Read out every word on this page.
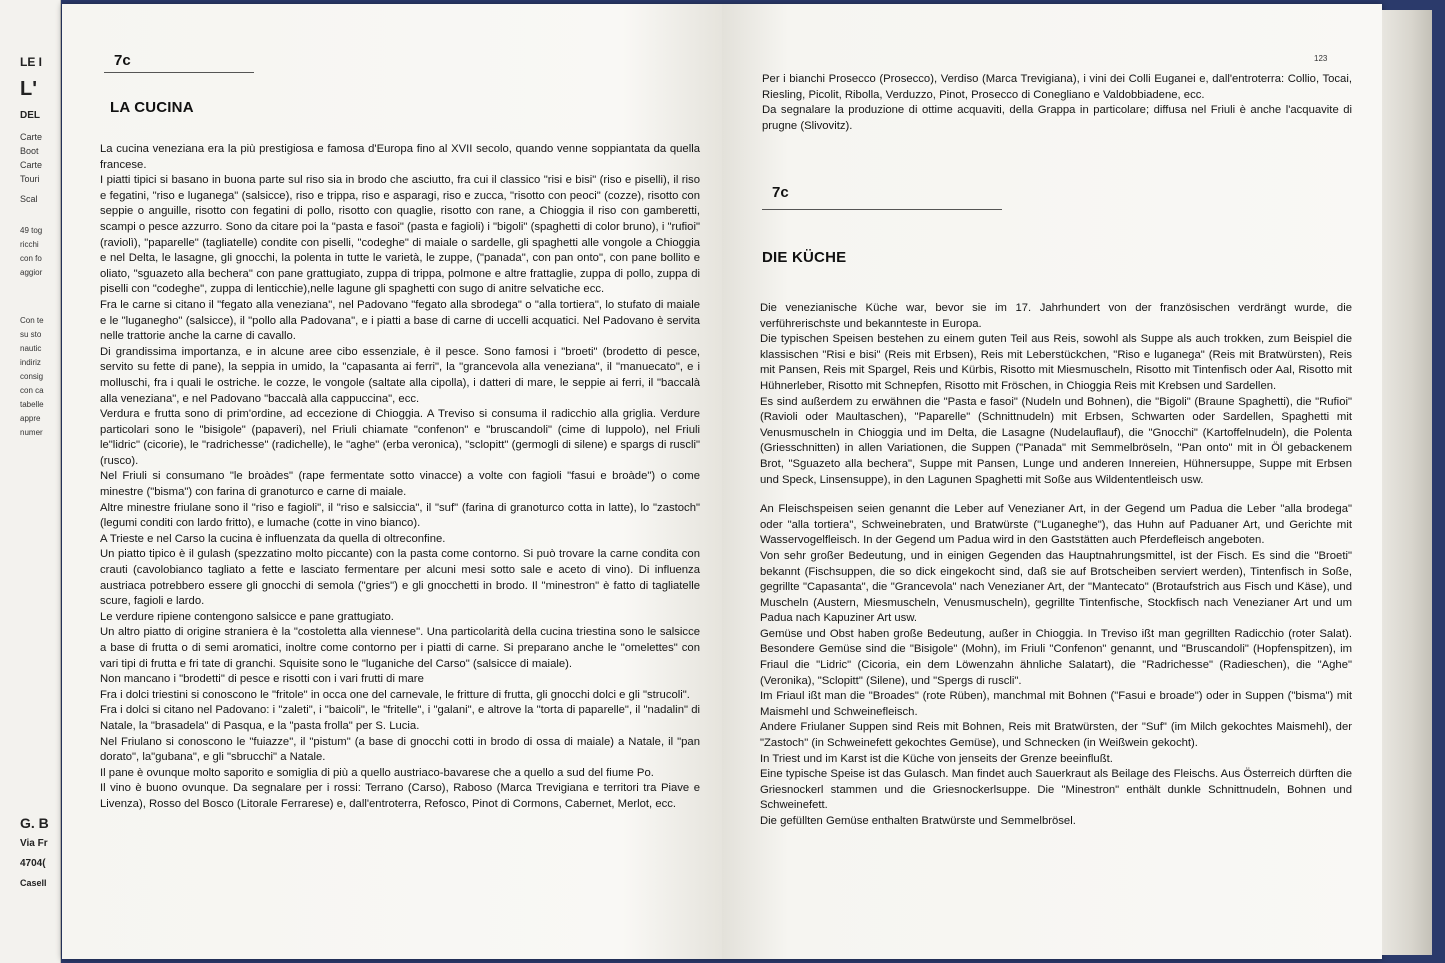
LE I
L'
DEL
Carte
Boot
Carte
Touri
Scal
49 tog
ricchi
con fo
aggior
Con te
su sto
nautic
indiriz
consig
con ca
tabelle
appre
numer
G. B
Via Fr
4704(
Casell
7c
LA CUCINA

La cucina veneziana era la più prestigiosa e famosa d'Europa fino al XVII secolo, quando venne soppiantata da quella francese.

I piatti tipici si basano in buona parte sul riso sia in brodo che asciutto, fra cui il classico "risi e bisi" (riso e piselli), il riso e fegatini, "riso e luganega" (salsicce), riso e trippa, riso e asparagi, riso e zucca, "risotto con peoci" (cozze), risotto con seppie o anguille, risotto con fegatini di pollo, risotto con quaglie, risotto con rane, a Chioggia il riso con gamberetti, scampi o pesce azzurro. Sono da citare poi la "pasta e fasoi" (pasta e fagioli) i "bigoli" (spaghetti di color bruno), i "rufioi" (raviolì), "paparelle" (tagliatelle) condite con piselli, "codeghe" di maiale o sardelle, gli spaghetti alle vongole a Chioggia e nel Delta, le lasagne, gli gnocchi, la polenta in tutte le varietà, le zuppe, ("panada", con pan onto", con pane bollito e oliato, "sguazeto alla bechera" con pane grattugiato, zuppa di trippa, polmone e altre frattaglie, zuppa di pollo, zuppa di piselli con "codeghe", zuppa di lenticchie),nelle lagune gli spaghetti con sugo di anitre selvatiche ecc.

Fra le carne si citano il "fegato alla veneziana", nel Padovano "fegato alla sbrodega" o "alla tortiera", lo stufato di maiale e le "luganegho" (salsicce), il "pollo alla Padovana", e i piatti a base di carne di uccelli acquatici. Nel Padovano è servita nelle trattorie anche la carne di cavallo.

Di grandissima importanza, e in alcune aree cibo essenziale, è il pesce. Sono famosi i "broeti" (brodetto di pesce, servito su fette di pane), la seppia in umido, la "capasanta ai ferri", la "grancevola alla veneziana", il "manuecato", e i molluschi, fra i quali le ostriche. le cozze, le vongole (saltate alla cipolla), i datteri di mare, le seppie ai ferri, il "baccalà alla veneziana", e nel Padovano "baccalà alla cappuccina", ecc.

Verdura e frutta sono di prim'ordine, ad eccezione di Chioggia. A Treviso si consuma il radicchio alla griglia. Verdure particolari sono le "bisigole" (papaveri), nel Friuli chiamate "confenon" e "bruscandoli" (cime di luppolo), nel Friuli le"lidric" (cicorie), le "radrichesse" (radichelle), le "aghe" (erba veronica), "sclopitt" (germogli di silene) e spargs di ruscli" (rusco).

Nel Friuli si consumano "le broàdes" (rape fermentate sotto vinacce) a volte con fagioli "fasui e broàde") o come minestre ("bisma") con farina di granoturco e carne di maiale.

Altre minestre friulane sono il "riso e fagioli", il "riso e salsiccia", il "suf" (farina di granoturco cotta in latte), lo "zastoch" (legumi conditi con lardo fritto), e lumache (cotte in vino bianco).

A Trieste e nel Carso la cucina è influenzata da quella di oltreconfine.

Un piatto tipico è il gulash (spezzatino molto piccante) con la pasta come contorno. Si può trovare la carne condita con crauti (cavolobianco tagliato a fette e lasciato fermentare per alcuni mesi sotto sale e aceto di vino). Di influenza austriaca potrebbero essere gli gnocchi di semola ("gries") e gli gnocchetti in brodo. Il "minestron" è fatto di tagliatelle scure, fagioli e lardo.

Le verdure ripiene contengono salsicce e pane grattugiato.

Un altro piatto di origine straniera è la "costoletta alla viennese". Una particolarità della cucina triestina sono le salsicce a base di frutta o di semi aromatici, inoltre come contorno per i piatti di carne. Si preparano anche le "omelettes" con vari tipi di frutta e fri tate di granchi. Squisite sono le "luganiche del Carso" (salsicce di maiale).

Non mancano i "brodetti" di pesce e risotti con i vari frutti di mare

Fra i dolci triestini si conoscono le "fritole" in occa one del carnevale, le fritture di frutta, gli gnocchi dolci e gli "strucoli".

Fra i dolci si citano nel Padovano: i "zaleti", i "baicoli", le "fritelle", i "galani", e altrove la "torta di paparelle", il "nadalin" di Natale, la "brasadela" di Pasqua, e la "pasta frolla" per S. Lucia.

Nel Friulano si conoscono le "fuiazze", il "pistum" (a base di gnocchi cotti in brodo di ossa di maiale) a Natale, il "pan dorato", la"gubana", e gli "sbrucchi" a Natale.

Il pane è ovunque molto saporito e somiglia di più a quello austriaco-bavarese che a quello a sud del fiume Po.

Il vino è buono ovunque. Da segnalare per i rossi: Terrano (Carso), Raboso (Marca Trevigiana e territori tra Piave e Livenza), Rosso del Bosco (Litorale Ferrarese) e, dall'entroterra, Refosco, Pinot di Cormons, Cabernet, Merlot, ecc.

123

Per i bianchi Prosecco (Prosecco), Verdiso (Marca Trevigiana), i vini dei Colli Euganei e, dall'entroterra: Collio, Tocai, Riesling, Picolit, Ribolla, Verduzzo, Pinot, Prosecco di Conegliano e Valdobbiadene, ecc.

Da segnalare la produzione di ottime acquaviti, della Grappa in particolare; diffusa nel Friuli è anche l'acquavite di prugne (Slivovitz).

7c
DIE KÜCHE

Die venezianische Küche war, bevor sie im 17. Jahrhundert von der französischen verdrängt wurde, die verführerischste und bekannteste in Europa.

Die typischen Speisen bestehen zu einem guten Teil aus Reis, sowohl als Suppe als auch trokken, zum Beispiel die klassischen "Risi e bisi" (Reis mit Erbsen), Reis mit Leberstückchen, "Riso e luganega" (Reis mit Bratwürsten), Reis mit Pansen, Reis mit Spargel, Reis und Kürbis, Risotto mit Miesmuscheln, Risotto mit Tintenfisch oder Aal, Risotto mit Hühnerleber, Risotto mit Schnepfen, Risotto mit Fröschen, in Chioggia Reis mit Krebsen und Sardellen.

Es sind außerdem zu erwähnen die "Pasta e fasoi" (Nudeln und Bohnen), die "Bigoli" (Braune Spaghetti), die "Rufioi" (Ravioli oder Maultaschen), "Paparelle" (Schnittnudeln) mit Erbsen, Schwarten oder Sardellen, Spaghetti mit Venusmuscheln in Chioggia und im Delta, die Lasagne (Nudelauflauf), die "Gnocchi" (Kartoffelnudeln), die Polenta (Griesschnitten) in allen Variationen, die Suppen ("Panada" mit Semmelbröseln, "Pan onto" mit in Öl gebackenem Brot, "Sguazeto alla bechera", Suppe mit Pansen, Lunge und anderen Innereien, Hühnersuppe, Suppe mit Erbsen und Speck, Linsensuppe), in den Lagunen Spaghetti mit Soße aus Wildententleisch usw.

An Fleischspeisen seien genannt die Leber auf Venezianer Art, in der Gegend um Padua die Leber "alla brodega" oder "alla tortiera", Schweinebraten, und Bratwürste ("Luganeghe"), das Huhn auf Paduaner Art, und Gerichte mit Wasservogelfleisch. In der Gegend um Padua wird in den Gaststätten auch Pferdefleisch angeboten.

Von sehr großer Bedeutung, und in einigen Gegenden das Hauptnahrungsmittel, ist der Fisch. Es sind die "Broeti" bekannt (Fischsuppen, die so dick eingekocht sind, daß sie auf Brotscheiben serviert werden), Tintenfisch in Soße, gegrillte "Capasanta", die "Grancevola" nach Venezianer Art, der "Mantecato" (Brotaufstrich aus Fisch und Käse), und Muscheln (Austern, Miesmuscheln, Venusmuscheln), gegrillte Tintenfische, Stockfisch nach Venezianer Art und um Padua nach Kapuziner Art usw.

Gemüse und Obst haben große Bedeutung, außer in Chioggia. In Treviso ißt man gegrillten Radicchio (roter Salat). Besondere Gemüse sind die "Bisigole" (Mohn), im Friuli "Confenon" genannt, und "Bruscandoli" (Hopfenspitzen), im Friaul die "Lidric" (Cicoria, ein dem Löwenzahn ähnliche Salatart), die "Radrichesse" (Radieschen), die "Aghe" (Veronika), "Sclopitt" (Silene), und "Spergs di ruscli".

Im Friaul ißt man die "Broades" (rote Rüben), manchmal mit Bohnen ("Fasui e broade") oder in Suppen ("bisma") mit Maismehl und Schweinefleisch.

Andere Friulaner Suppen sind Reis mit Bohnen, Reis mit Bratwürsten, der "Suf" (im Milch gekochtes Maismehl), der "Zastoch" (in Schweinefett gekochtes Gemüse), und Schnecken (in Weißwein gekocht).

In Triest und im Karst ist die Küche von jenseits der Grenze beeinflußt.

Eine typische Speise ist das Gulasch. Man findet auch Sauerkraut als Beilage des Fleischs. Aus Österreich dürften die Griesnockerl stammen und die Griesnockerlsuppe. Die "Minestron" enthält dunkle Schnittnudeln, Bohnen und Schweinefett.

Die gefüllten Gemüse enthalten Bratwürste und Semmelbrösel.
